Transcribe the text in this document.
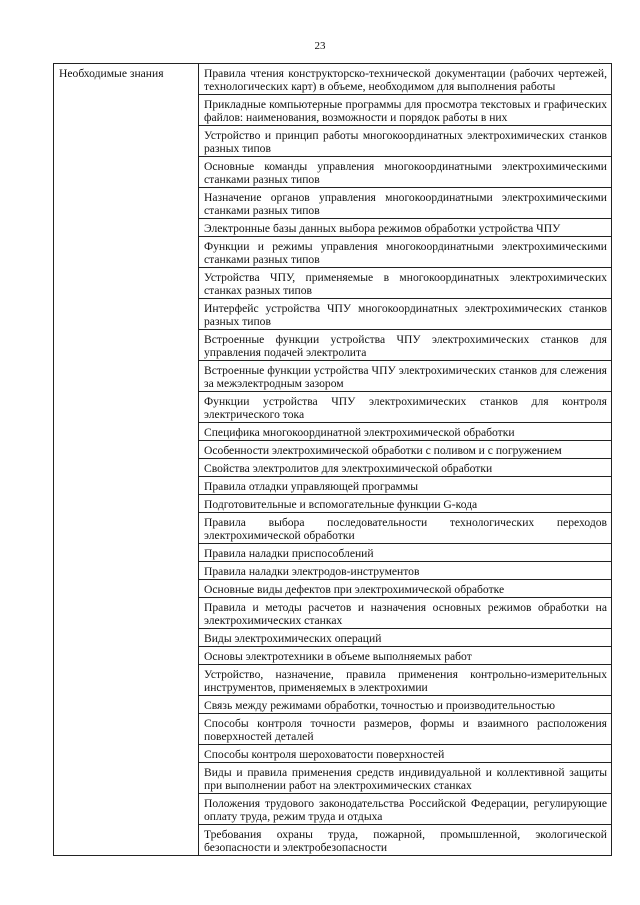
23
Необходимые знания	Правила чтения конструкторско-технической документации (рабочих чертежей, технологических карт) в объеме, необходимом для выполнения работы
Прикладные компьютерные программы для просмотра текстовых и графических файлов: наименования, возможности и порядок работы в них
Устройство и принцип работы многокоординатных электрохимических станков разных типов
Основные команды управления многокоординатными электрохимическими станками разных типов
Назначение органов управления многокоординатными электрохимическими станками разных типов
Электронные базы данных выбора режимов обработки устройства ЧПУ
Функции и режимы управления многокоординатными электрохимическими станками разных типов
Устройства ЧПУ, применяемые в многокоординатных электрохимических станках разных типов
Интерфейс устройства ЧПУ многокоординатных электрохимических станков разных типов
Встроенные функции устройства ЧПУ электрохимических станков для управления подачей электролита
Встроенные функции устройства ЧПУ электрохимических станков для слежения за межэлектродным зазором
Функции устройства ЧПУ электрохимических станков для контроля электрического тока
Специфика многокоординатной электрохимической обработки
Особенности электрохимической обработки с поливом и с погружением
Свойства электролитов для электрохимической обработки
Правила отладки управляющей программы
Подготовительные и вспомогательные функции G-кода
Правила выбора последовательности технологических переходов электрохимической обработки
Правила наладки приспособлений
Правила наладки электродов-инструментов
Основные виды дефектов при электрохимической обработке
Правила и методы расчетов и назначения основных режимов обработки на электрохимических станках
Виды электрохимических операций
Основы электротехники в объеме выполняемых работ
Устройство, назначение, правила применения контрольно-измерительных инструментов, применяемых в электрохимии
Связь между режимами обработки, точностью и производительностью
Способы контроля точности размеров, формы и взаимного расположения поверхностей деталей
Способы контроля шероховатости поверхностей
Виды и правила применения средств индивидуальной и коллективной защиты при выполнении работ на электрохимических станках
Положения трудового законодательства Российской Федерации, регулирующие оплату труда, режим труда и отдыха
Требования охраны труда, пожарной, промышленной, экологической безопасности и электробезопасности
